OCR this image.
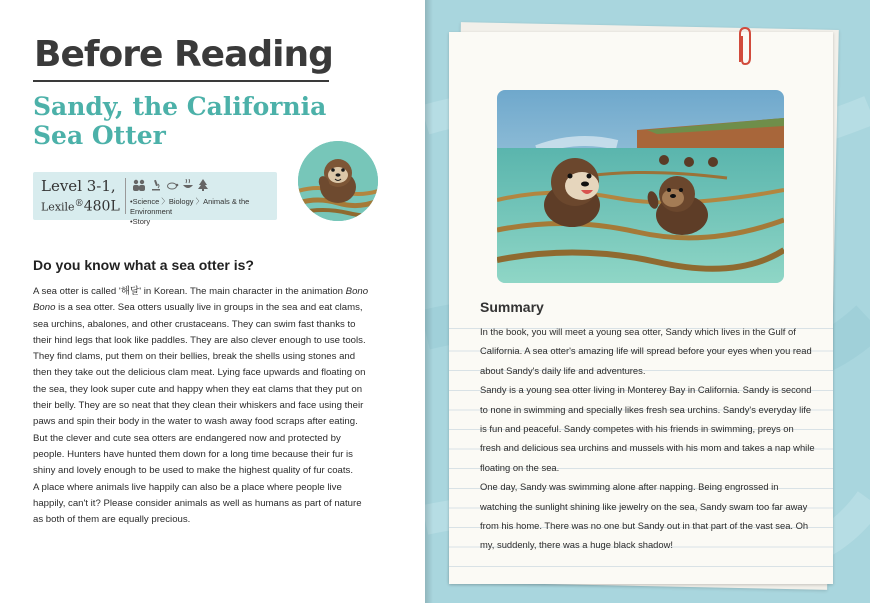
Before Reading
Sandy, the California
Sea Otter
Level 3-1,
Lexile®480L •Science 〉Biology 〉Animals & the Environment
•Story
Do you know what a sea otter is?

A sea otter is called '해달' in Korean. The main character in the animation Bono Bono is a sea otter. Sea otters usually live in groups in the sea and eat clams, sea urchins, abalones, and other crustaceans. They can swim fast thanks to their hind legs that look like paddles. They are also clever enough to use tools. They find clams, put them on their bellies, break the shells using stones and then they take out the delicious clam meat. Lying face upwards and floating on the sea, they look super cute and happy when they eat clams that they put on their belly. They are so neat that they clean their whiskers and face using their paws and spin their body in the water to wash away food scraps after eating.

But the clever and cute sea otters are endangered now and protected by people. Hunters have hunted them down for a long time because their fur is shiny and lovely enough to be used to make the highest quality of fur coats.

A place where animals live happily can also be a place where people live happily, can't it? Please consider animals as well as humans as part of nature as both of them are equally precious.

Summary

In the book, you will meet a young sea otter, Sandy which lives in the Gulf of California. A sea otter's amazing life will spread before your eyes when you read about Sandy's daily life and adventures.

Sandy is a young sea otter living in Monterey Bay in California. Sandy is second to none in swimming and specially likes fresh sea urchins. Sandy's everyday life is fun and peaceful. Sandy competes with his friends in swimming, preys on fresh and delicious sea urchins and mussels with his mom and takes a nap while floating on the sea.

One day, Sandy was swimming alone after napping. Being engrossed in watching the sunlight shining like jewelry on the sea, Sandy swam too far away from his home. There was no one but Sandy out in that part of the vast sea. Oh my, suddenly, there was a huge black shadow!
